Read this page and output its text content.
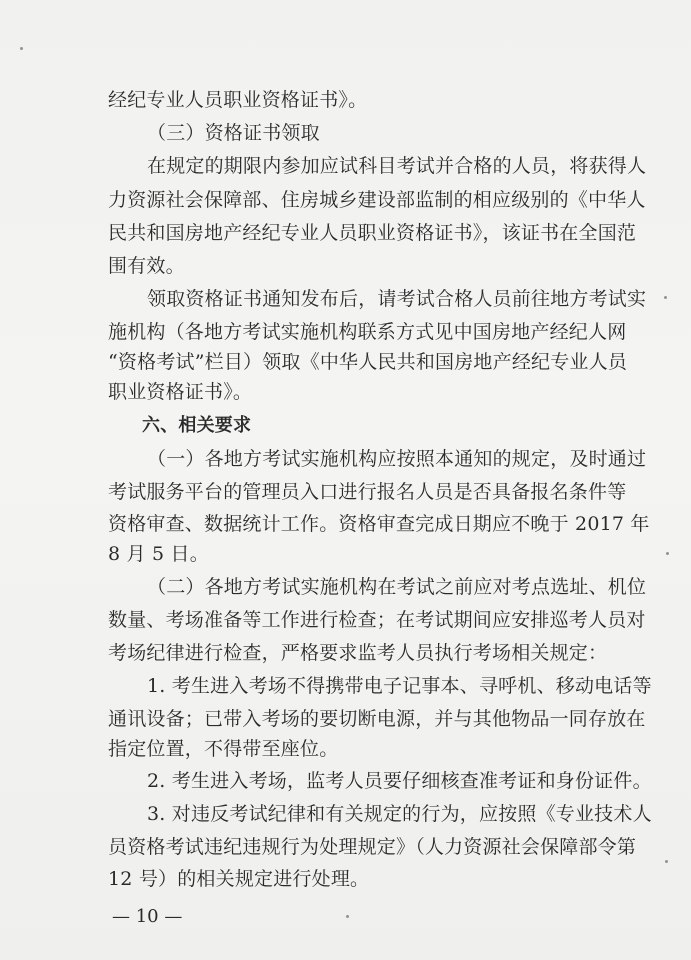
经纪专业人员职业资格证书》。
（三）资格证书领取
在规定的期限内参加应试科目考试并合格的人员，将获得人
力资源社会保障部、住房城乡建设部监制的相应级别的《中华人
民共和国房地产经纪专业人员职业资格证书》，该证书在全国范
围有效。
领取资格证书通知发布后，请考试合格人员前往地方考试实
施机构（各地方考试实施机构联系方式见中国房地产经纪人网
“资格考试”栏目）领取《中华人民共和国房地产经纪专业人员
职业资格证书》。
六、相关要求
（一）各地方考试实施机构应按照本通知的规定，及时通过
考试服务平台的管理员入口进行报名人员是否具备报名条件等
资格审查、数据统计工作。资格审查完成日期应不晚于 2017 年
8 月 5 日。
（二）各地方考试实施机构在考试之前应对考点选址、机位
数量、考场准备等工作进行检查；在考试期间应安排巡考人员对
考场纪律进行检查，严格要求监考人员执行考场相关规定：
1. 考生进入考场不得携带电子记事本、寻呼机、移动电话等
通讯设备；已带入考场的要切断电源，并与其他物品一同存放在
指定位置，不得带至座位。
2. 考生进入考场，监考人员要仔细核查准考证和身份证件。
3. 对违反考试纪律和有关规定的行为，应按照《专业技术人
员资格考试违纪违规行为处理规定》（人力资源社会保障部令第
12 号）的相关规定进行处理。
— 10 —
